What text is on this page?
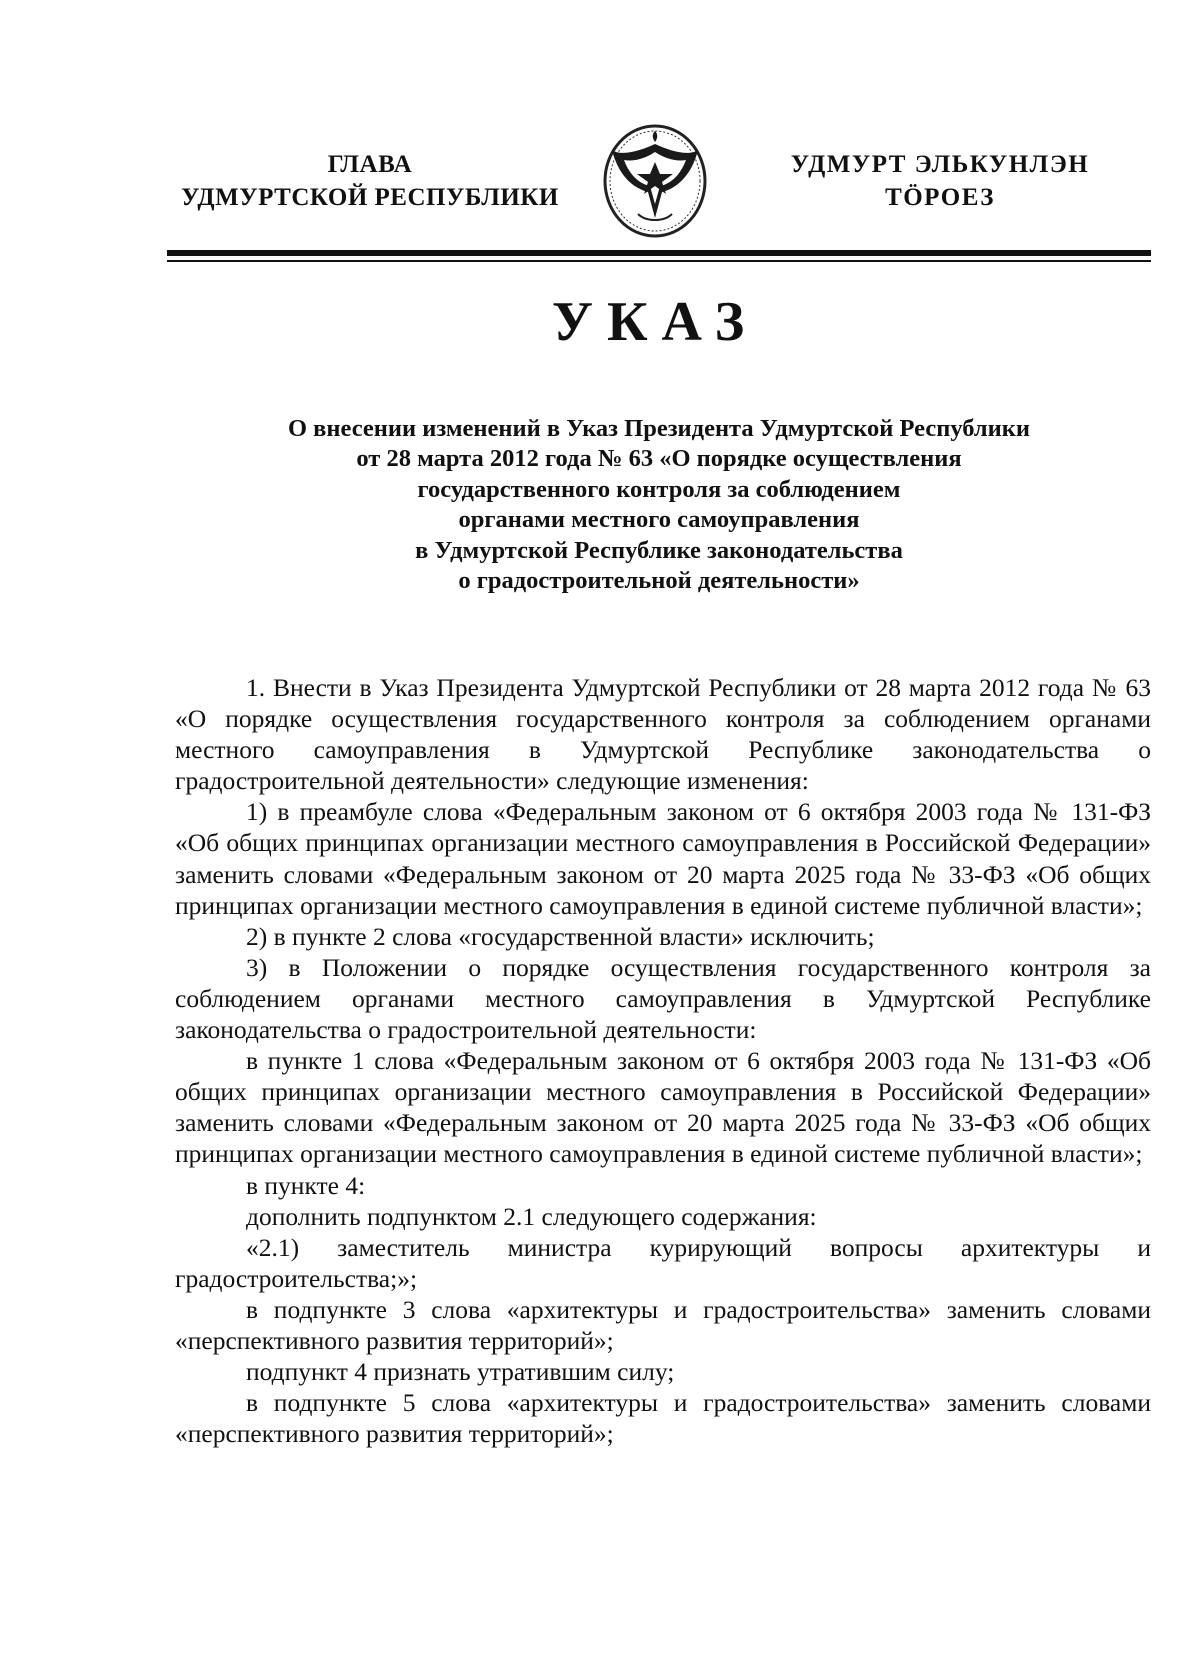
ГЛАВА
УДМУРТСКОЙ РЕСПУБЛИКИ
УДМУРТ ЭЛЬКУНЛЭН
ТӦРОЕЗ
УКАЗ
О внесении изменений в Указ Президента Удмуртской Республики
от 28 марта 2012 года № 63 «О порядке осуществления
государственного контроля за соблюдением
органами местного самоуправления
в Удмуртской Республике законодательства
о градостроительной деятельности»

1. Внести в Указ Президента Удмуртской Республики от 28 марта 2012 года № 63 «О порядке осуществления государственного контроля за соблюдением органами местного самоуправления в Удмуртской Республике законодательства о градостроительной деятельности» следующие изменения:

1) в преамбуле слова «Федеральным законом от 6 октября 2003 года № 131-ФЗ «Об общих принципах организации местного самоуправления в Российской Федерации» заменить словами «Федеральным законом от 20 марта 2025 года № 33-ФЗ «Об общих принципах организации местного самоуправления в единой системе публичной власти»;

2) в пункте 2 слова «государственной власти» исключить;

3) в Положении о порядке осуществления государственного контроля за соблюдением органами местного самоуправления в Удмуртской Республике законодательства о градостроительной деятельности:

в пункте 1 слова «Федеральным законом от 6 октября 2003 года № 131-ФЗ «Об общих принципах организации местного самоуправления в Российской Федерации» заменить словами «Федеральным законом от 20 марта 2025 года № 33-ФЗ «Об общих принципах организации местного самоуправления в единой системе публичной власти»;

в пункте 4:

дополнить подпунктом 2.1 следующего содержания:

«2.1) заместитель министра курирующий вопросы архитектуры и градостроительства;»;

в подпункте 3 слова «архитектуры и градостроительства» заменить словами «перспективного развития территорий»;

подпункт 4 признать утратившим силу;

в подпункте 5 слова «архитектуры и градостроительства» заменить словами «перспективного развития территорий»;
